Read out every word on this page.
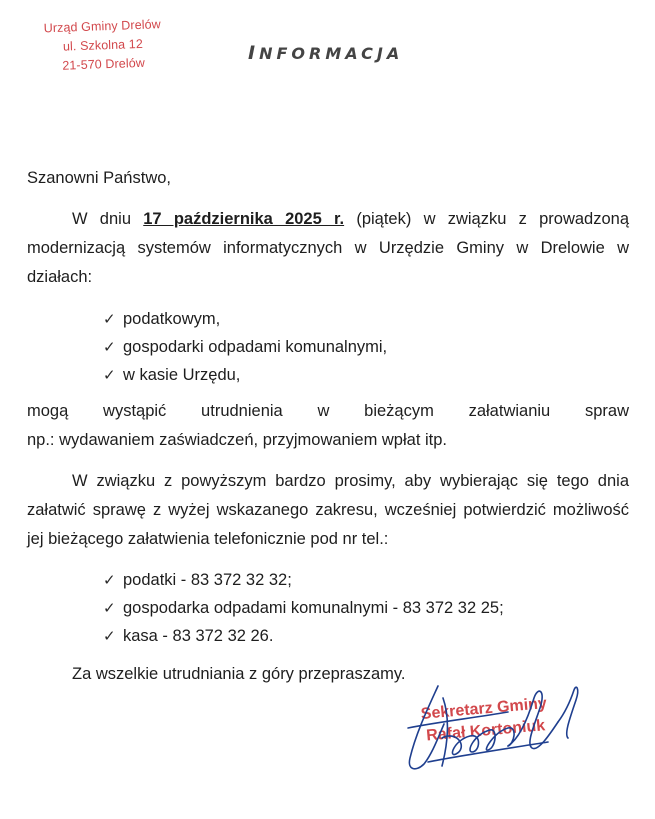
Urząd Gminy Drelów
ul. Szkolna 12
21-570 Drelów
INFORMACJA
Szanowni Państwo,
W dniu 17 października 2025 r. (piątek) w związku z prowadzoną modernizacją systemów informatycznych w Urzędzie Gminy w Drelowie w działach:
✓ podatkowym,
✓ gospodarki odpadami komunalnymi,
✓ w kasie Urzędu,
mogą wystąpić utrudnienia w bieżącym załatwianiu spraw
np.: wydawaniem zaświadczeń, przyjmowaniem wpłat itp.
W związku z powyższym bardzo prosimy, aby wybierając się tego dnia załatwić sprawę z wyżej wskazanego zakresu, wcześniej potwierdzić możliwość jej bieżącego załatwienia telefonicznie pod nr tel.:
✓ podatki - 83 372 32 32;
✓ gospodarka odpadami komunalnymi - 83 372 32 25;
✓ kasa - 83 372 32 26.
Za wszelkie utrudniania z góry przepraszamy.
Sekretarz Gminy
Rafał Kortoniuk
